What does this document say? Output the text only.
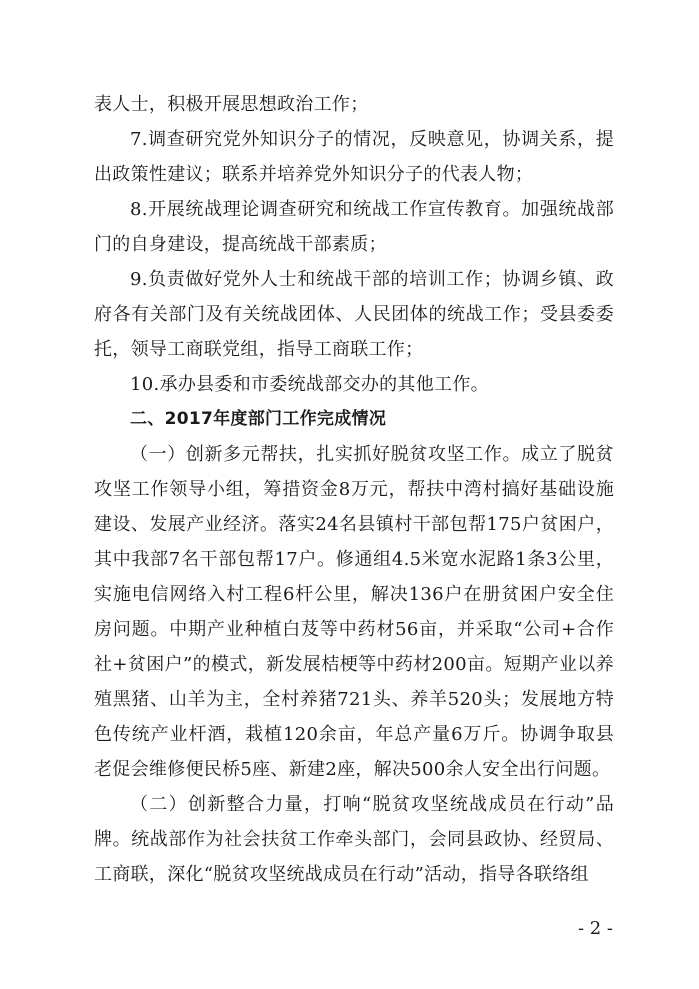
表人士，积极开展思想政治工作；

7.调查研究党外知识分子的情况，反映意见，协调关系，提出政策性建议；联系并培养党外知识分子的代表人物；

8.开展统战理论调查研究和统战工作宣传教育。加强统战部门的自身建设，提高统战干部素质；

9.负责做好党外人士和统战干部的培训工作；协调乡镇、政府各有关部门及有关统战团体、人民团体的统战工作；受县委委托，领导工商联党组，指导工商联工作；

10.承办县委和市委统战部交办的其他工作。

二、2017年度部门工作完成情况

（一）创新多元帮扶，扎实抓好脱贫攻坚工作。成立了脱贫攻坚工作领导小组，筹措资金8万元，帮扶中湾村搞好基础设施建设、发展产业经济。落实24名县镇村干部包帮175户贫困户，其中我部7名干部包帮17户。修通组4.5米宽水泥路1条3公里，实施电信网络入村工程6杆公里，解决136户在册贫困户安全住房问题。中期产业种植白芨等中药材56亩，并采取“公司+合作社+贫困户”的模式，新发展桔梗等中药材200亩。短期产业以养殖黑猪、山羊为主，全村养猪721头、养羊520头；发展地方特色传统产业杆酒，栽植120余亩，年总产量6万斤。协调争取县老促会维修便民桥5座、新建2座，解决500余人安全出行问题。

（二）创新整合力量，打响“脱贫攻坚统战成员在行动”品牌。统战部作为社会扶贫工作牵头部门，会同县政协、经贸局、工商联，深化“脱贫攻坚统战成员在行动”活动，指导各联络组

- 2 -
